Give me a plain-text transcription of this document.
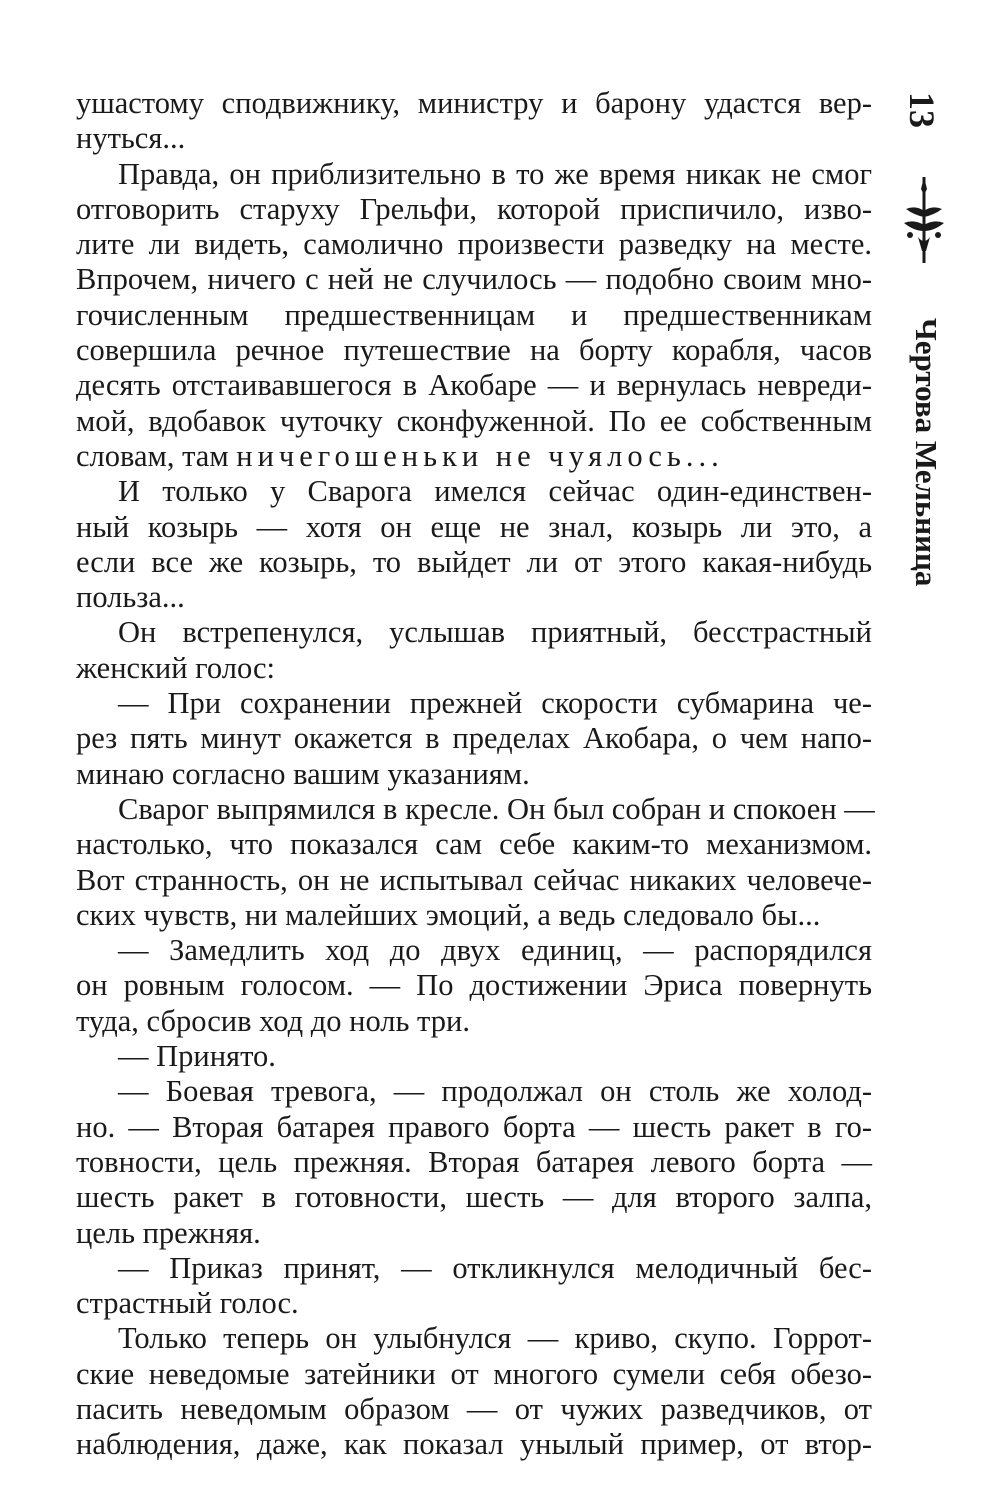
ушастому сподвижнику, министру и барону удастся вер-
нуться...
Правда, он приблизительно в то же время никак не смог
отговорить старуху Грельфи, которой приспичило, изво-
лите ли видеть, самолично произвести разведку на месте.
Впрочем, ничего с ней не случилось — подобно своим мно-
гочисленным предшественницам и предшественникам
совершила речное путешествие на борту корабля, часов
десять отстаивавшегося в Акобаре — и вернулась невреди-
мой, вдобавок чуточку сконфуженной. По ее собственным
словам, там ничегошеньки не чуялось...
И только у Сварога имелся сейчас один-единствен-
ный козырь — хотя он еще не знал, козырь ли это, а
если все же козырь, то выйдет ли от этого какая-нибудь
польза...
Он встрепенулся, услышав приятный, бесстрастный
женский голос:
— При сохранении прежней скорости субмарина че-
рез пять минут окажется в пределах Акобара, о чем напо-
минаю согласно вашим указаниям.
Сварог выпрямился в кресле. Он был собран и спокоен —
настолько, что показался сам себе каким-то механизмом.
Вот странность, он не испытывал сейчас никаких человече-
ских чувств, ни малейших эмоций, а ведь следовало бы...
— Замедлить ход до двух единиц, — распорядился
он ровным голосом. — По достижении Эриса повернуть
туда, сбросив ход до ноль три.
— Принято.
— Боевая тревога, — продолжал он столь же холод-
но. — Вторая батарея правого борта — шесть ракет в го-
товности, цель прежняя. Вторая батарея левого борта —
шесть ракет в готовности, шесть — для второго залпа,
цель прежняя.
— Приказ принят, — откликнулся мелодичный бес-
страстный голос.
Только теперь он улыбнулся — криво, скупо. Горрот-
ские неведомые затейники от многого сумели себя обезо-
пасить неведомым образом — от чужих разведчиков, от
наблюдения, даже, как показал унылый пример, от втор-
13
Чертова Мельница
